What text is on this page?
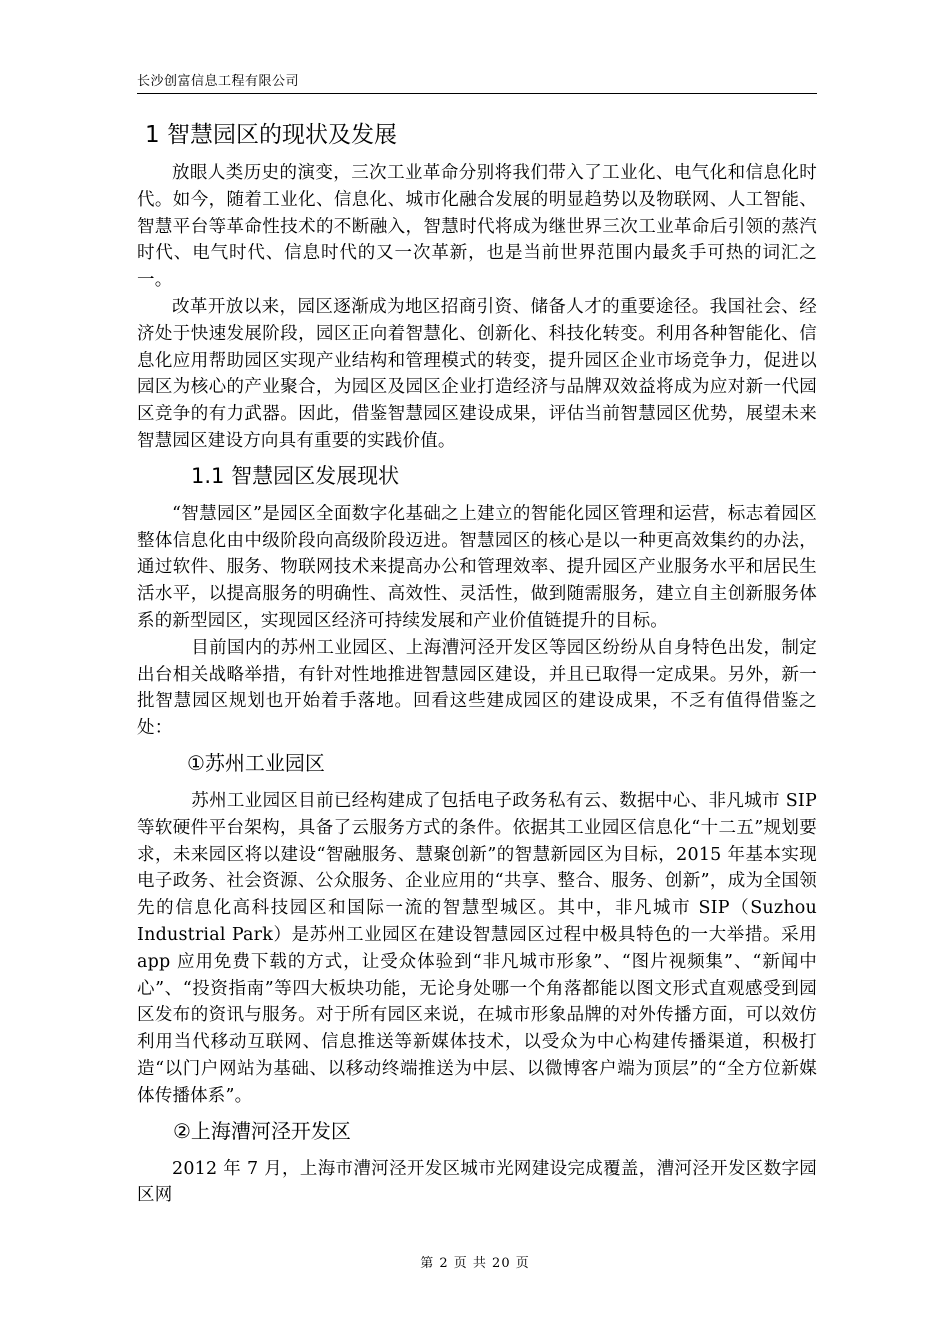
长沙创富信息工程有限公司
1 智慧园区的现状及发展

放眼人类历史的演变，三次工业革命分别将我们带入了工业化、电气化和信息化时代。如今，随着工业化、信息化、城市化融合发展的明显趋势以及物联网、人工智能、智慧平台等革命性技术的不断融入，智慧时代将成为继世界三次工业革命后引领的蒸汽时代、电气时代、信息时代的又一次革新，也是当前世界范围内最炙手可热的词汇之一。

改革开放以来，园区逐渐成为地区招商引资、储备人才的重要途径。我国社会、经济处于快速发展阶段，园区正向着智慧化、创新化、科技化转变。利用各种智能化、信息化应用帮助园区实现产业结构和管理模式的转变，提升园区企业市场竞争力，促进以园区为核心的产业聚合，为园区及园区企业打造经济与品牌双效益将成为应对新一代园区竞争的有力武器。因此，借鉴智慧园区建设成果，评估当前智慧园区优势，展望未来智慧园区建设方向具有重要的实践价值。

1.1 智慧园区发展现状

“智慧园区”是园区全面数字化基础之上建立的智能化园区管理和运营，标志着园区整体信息化由中级阶段向高级阶段迈进。智慧园区的核心是以一种更高效集约的办法，通过软件、服务、物联网技术来提高办公和管理效率、提升园区产业服务水平和居民生活水平，以提高服务的明确性、高效性、灵活性，做到随需服务，建立自主创新服务体系的新型园区，实现园区经济可持续发展和产业价值链提升的目标。

目前国内的苏州工业园区、上海漕河泾开发区等园区纷纷从自身特色出发，制定出台相关战略举措，有针对性地推进智慧园区建设，并且已取得一定成果。另外，新一批智慧园区规划也开始着手落地。回看这些建成园区的建设成果，不乏有值得借鉴之处：

①苏州工业园区

苏州工业园区目前已经构建成了包括电子政务私有云、数据中心、非凡城市 SIP 等软硬件平台架构，具备了云服务方式的条件。依据其工业园区信息化“十二五”规划要求，未来园区将以建设“智融服务、慧聚创新”的智慧新园区为目标，2015 年基本实现电子政务、社会资源、公众服务、企业应用的“共享、整合、服务、创新”，成为全国领先的信息化高科技园区和国际一流的智慧型城区。其中，非凡城市 SIP（Suzhou Industrial Park）是苏州工业园区在建设智慧园区过程中极具特色的一大举措。采用 app 应用免费下载的方式，让受众体验到“非凡城市形象”、“图片视频集”、“新闻中心”、“投资指南”等四大板块功能，无论身处哪一个角落都能以图文形式直观感受到园区发布的资讯与服务。对于所有园区来说，在城市形象品牌的对外传播方面，可以效仿利用当代移动互联网、信息推送等新媒体技术，以受众为中心构建传播渠道，积极打造“以门户网站为基础、以移动终端推送为中层、以微博客户端为顶层”的“全方位新媒体传播体系”。

②上海漕河泾开发区

2012 年 7 月，上海市漕河泾开发区城市光网建设完成覆盖，漕河泾开发区数字园区网

第 2 页 共 20 页
